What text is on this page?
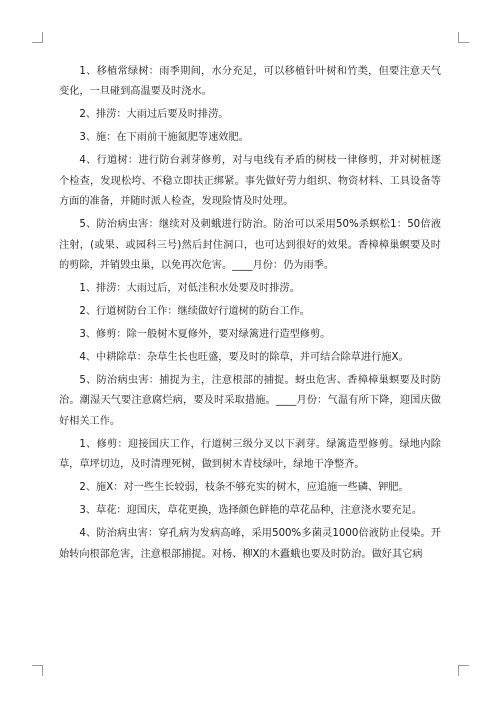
1、移植常绿树：雨季期间，水分充足，可以移植针叶树和竹类，但要注意天气变化，一旦碰到高温要及时浇水。

2、排涝：大雨过后要及时排涝。

3、施：在下雨前干施氮肥等速效肥。

4、行道树：进行防台剥芽修剪，对与电线有矛盾的树枝一律修剪，并对树桩逐个检查，发现松垮、不稳立即扶正绑紧。事先做好劳力组织、物资材料、工具设备等方面的准备，并随时派人检查，发现险情及时处理。

5、防治病虫害：继续对及刺蛾进行防治。防治可以采用50%杀螟松1：50倍液注射，(或果、或园科三号)然后封住洞口，也可达到很好的效果。香樟樟巢螟要及时的剪除，并销毁虫巢，以免再次危害。____月份：仍为雨季。

1、排涝：大雨过后，对低洼积水处要及时排涝。

2、行道树防台工作：继续做好行道树的防台工作。

3、修剪：除一般树木夏修外，要对绿篱进行造型修剪。

4、中耕除草：杂草生长也旺盛，要及时的除草，并可结合除草进行施X。

5、防治病虫害：捕捉为主，注意根部的捕捉。蚜虫危害、香樟樟巢螟要及时防治。潮湿天气要注意腐烂病，要及时采取措施。____月份：气温有所下降，迎国庆做好相关工作。

1、修剪：迎接国庆工作，行道树三级分叉以下剥芽。绿篱造型修剪。绿地内除草，草坪切边，及时清理死树，做到树木青枝绿叶，绿地干净整齐。

2、施X：对一些生长较弱，枝条不够充实的树木，应追施一些磷、钾肥。

3、草花：迎国庆，草花更换，选择颜色鲜艳的草花品种，注意浇水要充足。

4、防治病虫害：穿孔病为发病高峰，采用500%多菌灵1000倍液防止侵染。开始转向根部危害，注意根部捕捉。对杨、柳X的木蠹蛾也要及时防治。做好其它病
